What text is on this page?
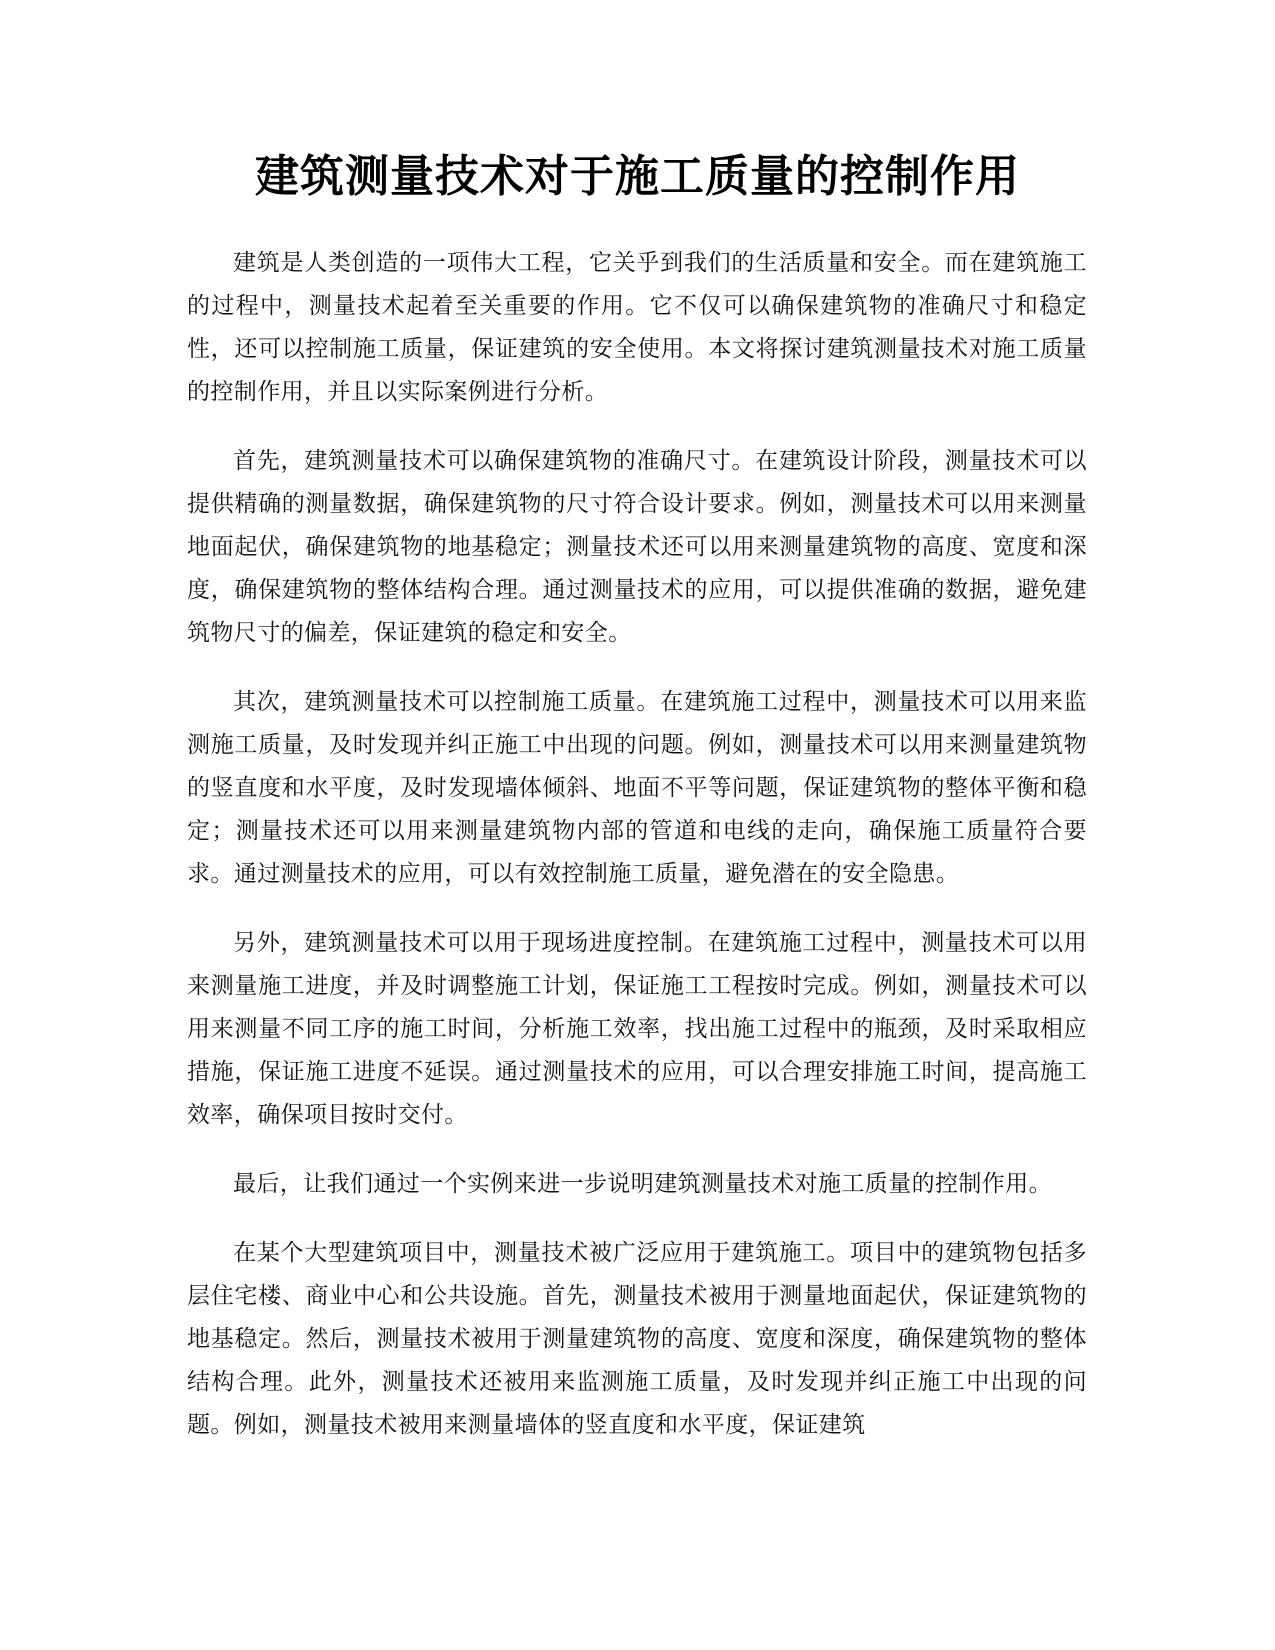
建筑测量技术对于施工质量的控制作用

建筑是人类创造的一项伟大工程，它关乎到我们的生活质量和安全。而在建筑施工的过程中，测量技术起着至关重要的作用。它不仅可以确保建筑物的准确尺寸和稳定性，还可以控制施工质量，保证建筑的安全使用。本文将探讨建筑测量技术对施工质量的控制作用，并且以实际案例进行分析。

首先，建筑测量技术可以确保建筑物的准确尺寸。在建筑设计阶段，测量技术可以提供精确的测量数据，确保建筑物的尺寸符合设计要求。例如，测量技术可以用来测量地面起伏，确保建筑物的地基稳定；测量技术还可以用来测量建筑物的高度、宽度和深度，确保建筑物的整体结构合理。通过测量技术的应用，可以提供准确的数据，避免建筑物尺寸的偏差，保证建筑的稳定和安全。

其次，建筑测量技术可以控制施工质量。在建筑施工过程中，测量技术可以用来监测施工质量，及时发现并纠正施工中出现的问题。例如，测量技术可以用来测量建筑物的竖直度和水平度，及时发现墙体倾斜、地面不平等问题，保证建筑物的整体平衡和稳定；测量技术还可以用来测量建筑物内部的管道和电线的走向，确保施工质量符合要求。通过测量技术的应用，可以有效控制施工质量，避免潜在的安全隐患。

另外，建筑测量技术可以用于现场进度控制。在建筑施工过程中，测量技术可以用来测量施工进度，并及时调整施工计划，保证施工工程按时完成。例如，测量技术可以用来测量不同工序的施工时间，分析施工效率，找出施工过程中的瓶颈，及时采取相应措施，保证施工进度不延误。通过测量技术的应用，可以合理安排施工时间，提高施工效率，确保项目按时交付。

最后，让我们通过一个实例来进一步说明建筑测量技术对施工质量的控制作用。

在某个大型建筑项目中，测量技术被广泛应用于建筑施工。项目中的建筑物包括多层住宅楼、商业中心和公共设施。首先，测量技术被用于测量地面起伏，保证建筑物的地基稳定。然后，测量技术被用于测量建筑物的高度、宽度和深度，确保建筑物的整体结构合理。此外，测量技术还被用来监测施工质量，及时发现并纠正施工中出现的问题。例如，测量技术被用来测量墙体的竖直度和水平度，保证建筑
